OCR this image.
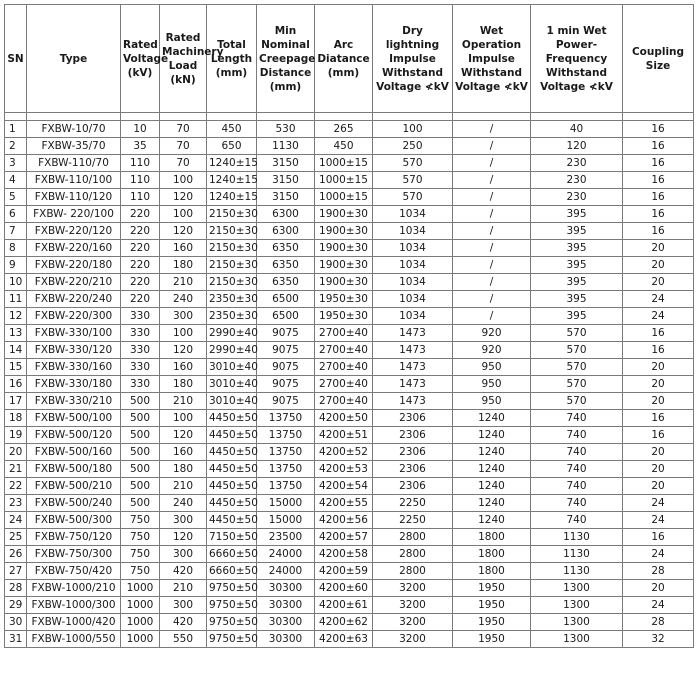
SN	Type	Rated Voltage (kV)	Rated Machinery Load (kN)	Total Length (mm)	Min Nominal Creepage Distance (mm)	Arc Diatance (mm)	Dry lightning Impulse Withstand Voltage ≮kV	Wet Operation Impulse Withstand Voltage ≮kV	1 min Wet Power-Frequency Withstand Voltage ≮kV	Coupling Size

1	FXBW-10/70	10	70	450	530	265	100	/	40	16
2	FXBW-35/70	35	70	650	1130	450	250	/	120	16
3	FXBW-110/70	110	70	1240±15	3150	1000±15	570	/	230	16
4	FXBW-110/100	110	100	1240±15	3150	1000±15	570	/	230	16
5	FXBW-110/120	110	120	1240±15	3150	1000±15	570	/	230	16
6	FXBW- 220/100	220	100	2150±30	6300	1900±30	1034	/	395	16
7	FXBW-220/120	220	120	2150±30	6300	1900±30	1034	/	395	16
8	FXBW-220/160	220	160	2150±30	6350	1900±30	1034	/	395	20
9	FXBW-220/180	220	180	2150±30	6350	1900±30	1034	/	395	20
10	FXBW-220/210	220	210	2150±30	6350	1900±30	1034	/	395	20
11	FXBW-220/240	220	240	2350±30	6500	1950±30	1034	/	395	24
12	FXBW-220/300	330	300	2350±30	6500	1950±30	1034	/	395	24
13	FXBW-330/100	330	100	2990±40	9075	2700±40	1473	920	570	16
14	FXBW-330/120	330	120	2990±40	9075	2700±40	1473	920	570	16
15	FXBW-330/160	330	160	3010±40	9075	2700±40	1473	950	570	20
16	FXBW-330/180	330	180	3010±40	9075	2700±40	1473	950	570	20
17	FXBW-330/210	500	210	3010±40	9075	2700±40	1473	950	570	20
18	FXBW-500/100	500	100	4450±50	13750	4200±50	2306	1240	740	16
19	FXBW-500/120	500	120	4450±50	13750	4200±51	2306	1240	740	16
20	FXBW-500/160	500	160	4450±50	13750	4200±52	2306	1240	740	20
21	FXBW-500/180	500	180	4450±50	13750	4200±53	2306	1240	740	20
22	FXBW-500/210	500	210	4450±50	13750	4200±54	2306	1240	740	20
23	FXBW-500/240	500	240	4450±50	15000	4200±55	2250	1240	740	24
24	FXBW-500/300	750	300	4450±50	15000	4200±56	2250	1240	740	24
25	FXBW-750/120	750	120	7150±50	23500	4200±57	2800	1800	1130	16
26	FXBW-750/300	750	300	6660±50	24000	4200±58	2800	1800	1130	24
27	FXBW-750/420	750	420	6660±50	24000	4200±59	2800	1800	1130	28
28	FXBW-1000/210	1000	210	9750±50	30300	4200±60	3200	1950	1300	20
29	FXBW-1000/300	1000	300	9750±50	30300	4200±61	3200	1950	1300	24
30	FXBW-1000/420	1000	420	9750±50	30300	4200±62	3200	1950	1300	28
31	FXBW-1000/550	1000	550	9750±50	30300	4200±63	3200	1950	1300	32
